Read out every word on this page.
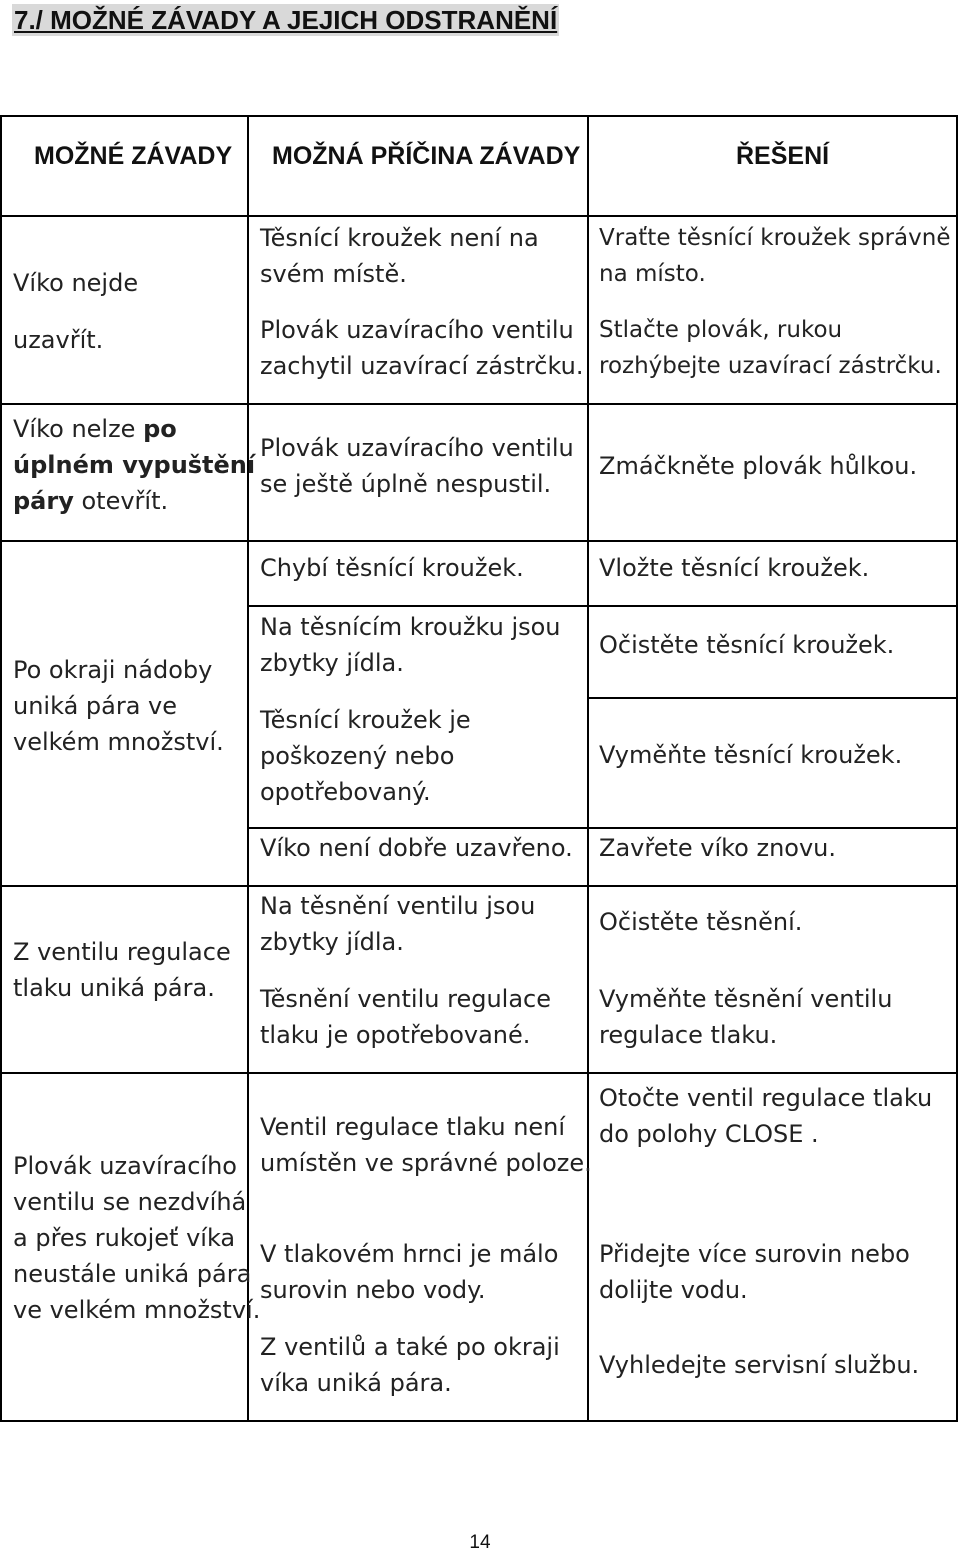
7./ MOŽNÉ ZÁVADY A JEJICH ODSTRANĚNÍ
MOŽNÉ ZÁVADY MOŽNÁ PŘÍČINA ZÁVADY	ŘEŠENÍ
Víko nejde
uzavřít.
Víko nelze po
úplném vypuštění
páry otevřít.
Po okraji nádoby
uniká pára ve
velkém množství.
Z ventilu regulace
tlaku uniká pára.
Plovák uzavíracího
ventilu se nezdvíhá
a přes rukojeť víka
neustále uniká pára
ve velkém množství.
Těsnící kroužek není na
svém místě.
Plovák uzavíracího ventilu
zachytil uzavírací zástrčku.
Plovák uzavíracího ventilu
se ještě úplně nespustil.
Chybí těsnící kroužek.
Na těsnícím kroužku jsou
zbytky jídla.
Těsnící kroužek je
poškozený nebo
opotřebovaný.
Víko není dobře uzavřeno.
Na těsnění ventilu jsou
zbytky jídla.
Těsnění ventilu regulace
tlaku je opotřebované.
Ventil regulace tlaku není
umístěn ve správné poloze.
V tlakovém hrnci je málo
surovin nebo vody.
Z ventilů a také po okraji
víka uniká pára.
Vraťte těsnící kroužek správně
na místo.
Stlačte plovák, rukou
rozhýbejte uzavírací zástrčku.
Zmáčkněte plovák hůlkou.
Vložte těsnící kroužek.
Očistěte těsnící kroužek.
Vyměňte těsnící kroužek.
Zavřete víko znovu.
Očistěte těsnění.
Vyměňte těsnění ventilu
regulace tlaku.
Otočte ventil regulace tlaku
do polohy CLOSE .
Přidejte více surovin nebo
dolijte vodu.
Vyhledejte servisní službu.
14
